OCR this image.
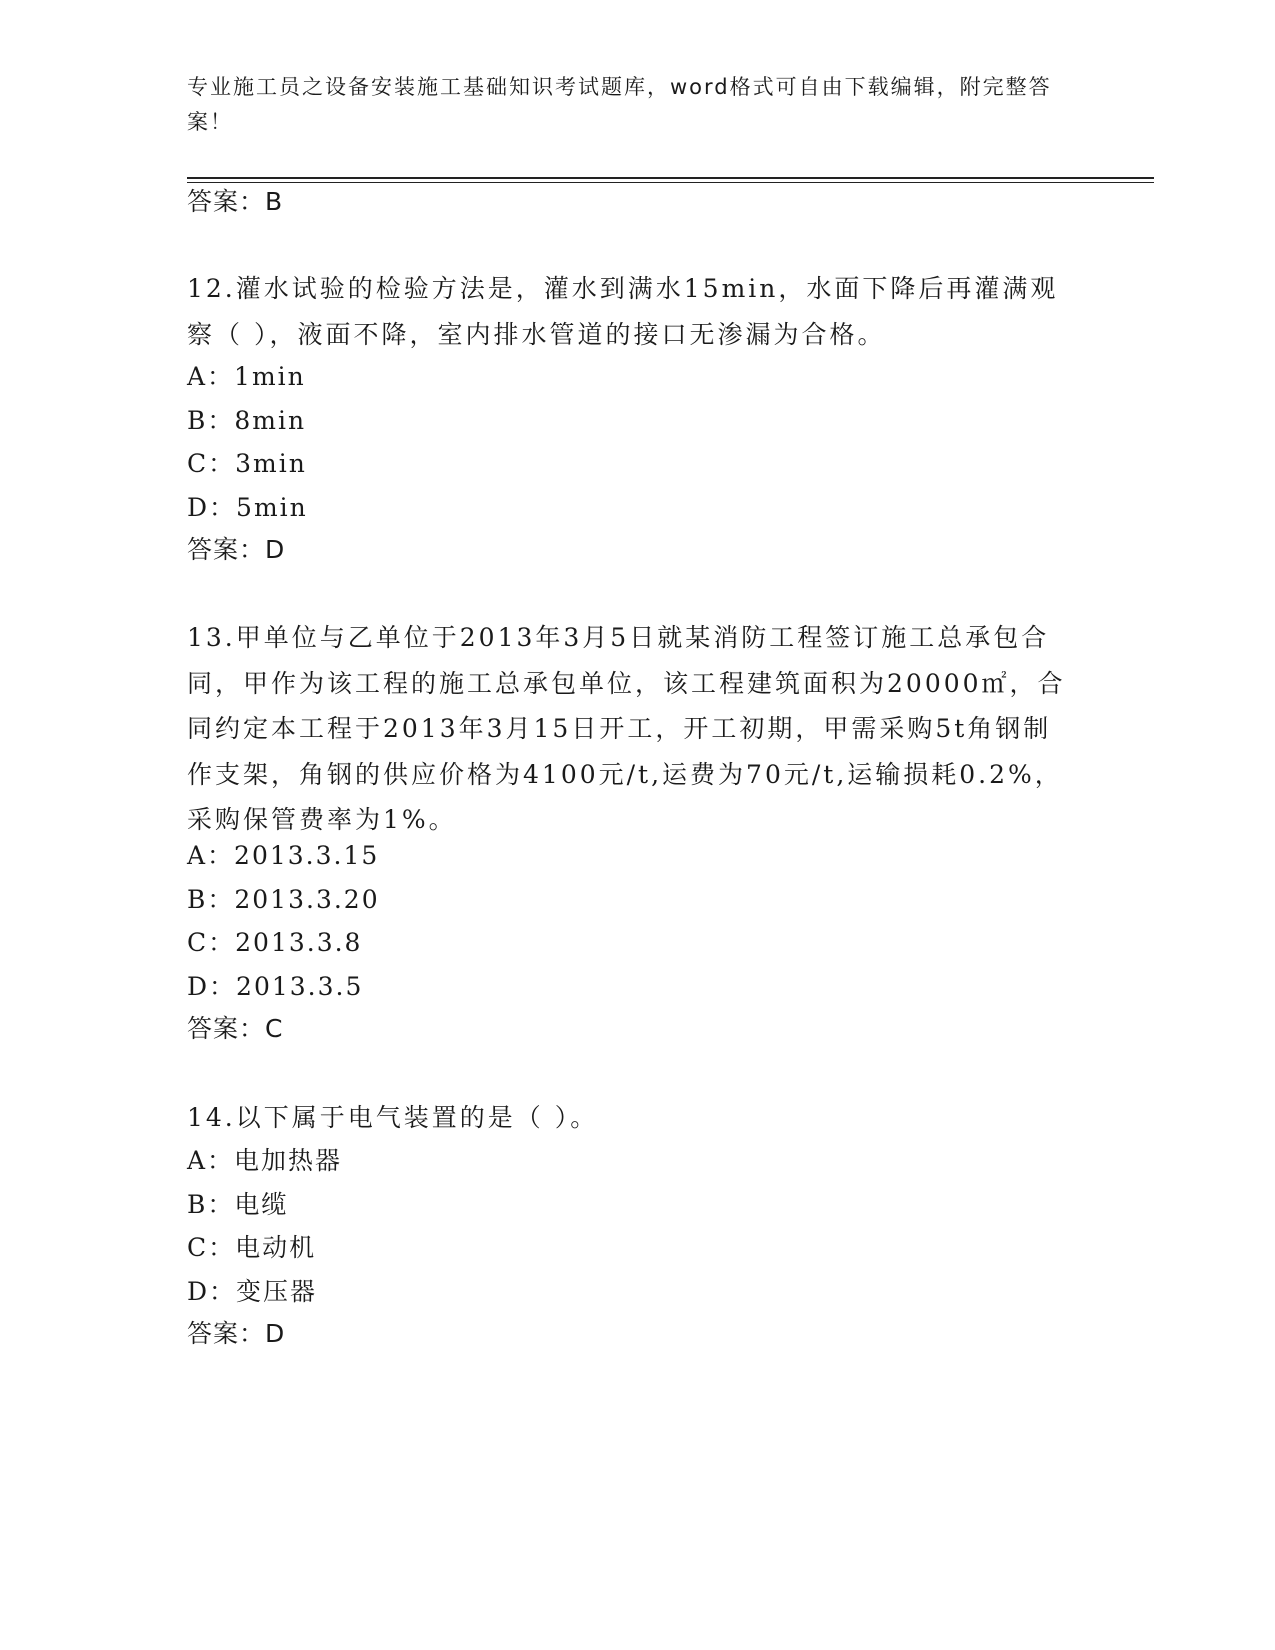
专业施工员之设备安装施工基础知识考试题库，word格式可自由下载编辑，附完整答案！
答案：B
12.灌水试验的检验方法是，灌水到满水15min，水面下降后再灌满观察（ ），液面不降，室内排水管道的接口无渗漏为合格。
A：1min
B：8min
C：3min
D：5min
答案：D
13.甲单位与乙单位于2013年3月5日就某消防工程签订施工总承包合同，甲作为该工程的施工总承包单位，该工程建筑面积为20000㎡，合同约定本工程于2013年3月15日开工，开工初期，甲需采购5t角钢制作支架，角钢的供应价格为4100元/t,运费为70元/t,运输损耗0.2%，采购保管费率为1%。
A：2013.3.15
B：2013.3.20
C：2013.3.8
D：2013.3.5
答案：C
14.以下属于电气装置的是（ ）。
A：电加热器
B：电缆
C：电动机
D：变压器
答案：D
